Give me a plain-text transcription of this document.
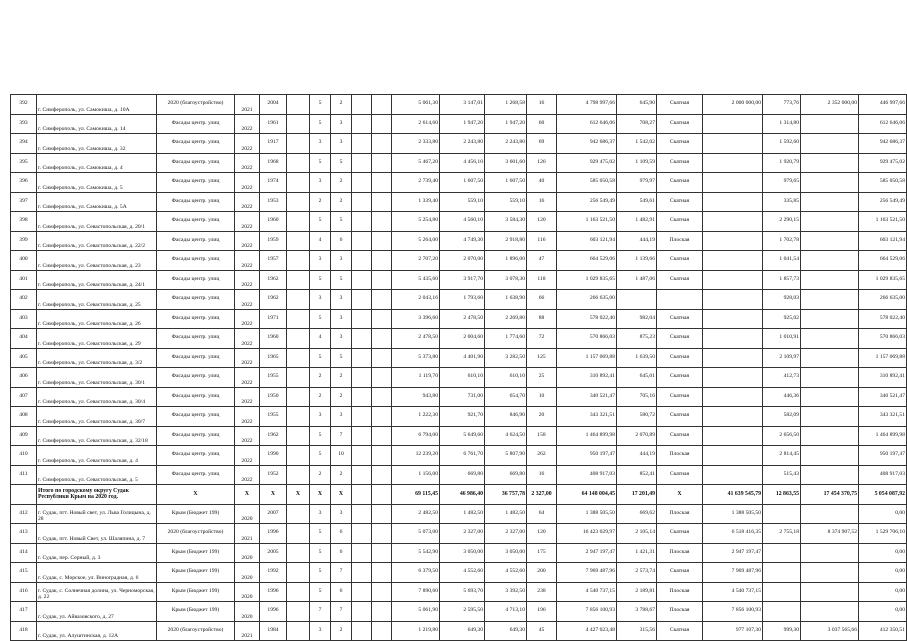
392	г. Симферополь, ул. Самокиша, д. 10А	2020 (благоустройство)	2021	2004		5	2			5 061,30	3 147,01	1 268,58	16	4 798 997,66	645,90	Скатная	2 000 000,00	773,76	2 352 000,00	446 997,66
393	г. Симферополь, ул. Самокиша, д. 14	Фасады центр. улиц	2022	1961		5	3			2 614,60	1 947,20	1 947,20	60	612 646,06	708,27	Скатная		1 314,80		612 646,06
394	г. Симферополь, ул. Самокиша, д. 32	Фасады центр. улиц	2022	1917		3	3			2 333,80	2 243,80	2 243,80	69	942 686,37	1 542,02	Скатная		1 592,60		942 686,37
395	г. Симферополь, ул. Самокиша, д. 4	Фасады центр. улиц	2022	1968		5	5			5 467,20	4 456,10	3 601,60	126	929 475,02	1 109,59	Скатная		1 920,79		929 475,02
396	г. Симферополь, ул. Самокиша, д. 5	Фасады центр. улиц	2022	1974		3	2			2 739,40	1 607,50	1 607,50	40	585 050,58	979,97	Скатная		979,65		585 050,58
397	г. Симферополь, ул. Самокиша, д. 5А	Фасады центр. улиц	2022	1953		2	2			1 339,40	559,10	559,10	16	256 549,49	549,61	Скатная		335,85		256 549,49
398	г. Симферополь, ул. Севастопольская, д. 20/1	Фасады центр. улиц	2022	1960		5	5			5 254,80	4 560,10	3 584,30	120	1 163 521,50	1 482,91	Скатная		2 290,15		1 163 521,50
399	г. Симферополь, ул. Севастопольская, д. 22/2	Фасады центр. улиц	2022	1959		4	6			5 264,00	4 749,30	2 918,80	116	603 121,94	444,19	Плоская		1 702,78		603 121,94
400	г. Симферополь, ул. Севастопольская, д. 23	Фасады центр. улиц	2022	1957		3	3			2 707,20	2 070,00	1 896,00	47	664 529,06	1 139,66	Скатная		1 041,54		664 529,06
401	г. Симферополь, ул. Севастопольская, д. 24/1	Фасады центр. улиц	2022	1962		5	5			5 435,60	3 917,70	3 078,30	118	1 029 835,65	1 487,06	Скатная		1 857,73		1 029 835,65
402	г. Симферополь, ул. Севастопольская, д. 25	Фасады центр. улиц	2022	1962		3	3			2 043,16	1 793,60	1 638,90	66	266 635,00				928,03		266 635,00
403	г. Симферополь, ул. Севастопольская, д. 26	Фасады центр. улиц	2022	1971		5	3			3 396,60	2 478,50	2 269,80	88	578 022,40	982,04	Скатная		925,02		578 022,40
404	г. Симферополь, ул. Севастопольская, д. 29	Фасады центр. улиц	2022	1960		4	3			2 478,50	2 004,60	1 774,60	72	570 866,03	875,23	Скатная		1 010,91		570 866,03
405	г. Симферополь, ул. Севастопольская, д. 3/2	Фасады центр. улиц	2022	1965		5	5			5 373,80	4 401,90	3 282,50	125	1 157 069,88	1 639,50	Скатная		2 109,97		1 157 069,88
406	г. Симферополь, ул. Севастопольская, д. 30/1	Фасады центр. улиц	2022	1955		2	2			1 119,70	610,10	610,10	25	310 892,41	645,01	Скатная		412,73		310 892,41
407	г. Симферополь, ул. Севастопольская, д. 30/4	Фасады центр. улиц	2022	1950		2	2			943,80	731,00	654,70	10	340 521,47	705,16	Скатная		446,36		340 521,47
408	г. Симферополь, ул. Севастопольская, д. 30/7	Фасады центр. улиц	2022	1955		3	3			1 222,30	921,70	846,90	20	343 321,51	580,72	Скатная		582,09		343 321,51
409	г. Симферополь, ул. Севастопольская, д. 32/18	Фасады центр. улиц	2022	1962		5	7			6 794,00	5 649,60	4 624,50	158	1 464 899,98	2 070,89	Скатная		2 656,50		1 464 899,98
410	г. Симферополь, ул. Севастопольская, д. 4	Фасады центр. улиц	2022	1990		5	10			12 239,20	6 761,70	5 807,90	262	950 197,47	444,19	Плоская		2 814,45		950 197,47
411	г. Симферополь, ул. Севастопольская, д. 5	Фасады центр. улиц	2022	1952		2	2			1 156,00	669,80	669,80	16	408 917,03	852,41	Скатная		515,43		408 917,03
	Итого по городскому округу Судак Республики Крым на 2020 год.	X	X	X	X	X	X			69 115,45	46 986,40	36 757,78	2 327,00	64 148 004,45	17 201,49	X	41 639 545,79	12 863,55	17 454 370,75	5 054 087,92
412	г. Судак, пгт. Новый свет, ул. Льва Голицына, д. 28	Крым (Бюджет 199)	2020	2007		3	3			2 482,50	1 482,50	1 482,50	64	1 388 505,50	669,62	Плоская	1 388 505,50			0,00
413	г. Судак, пгт. Новый Свет, ул. Шаляпина, д. 7	2020 (благоустройство)	2021	1996		5	6			5 073,00	2 327,00	2 327,00	120	16 423 029,97	2 105,14	Скатная	6 518 416,35	2 755,18	8 374 907,52	1 529 706,10
414	г. Судак, пер. Серный, д. 3	Крым (Бюджет 199)	2020	2005		5	6			5 542,90	3 050,00	3 050,00	175	2 947 197,47	1 421,31	Плоская	2 947 197,47			0,00
415	г. Судак, с. Морское, ул. Виноградная, д. 6	Крым (Бюджет 199)	2020	1992		5	7			6 379,50	4 552,60	4 552,60	200	7 969 487,96	2 573,74	Скатная	7 969 487,96			0,00
416	г. Судак, с. Солнечная долина, ул. Черноморская, д. 22	Крым (Бюджет 199)	2020	1996		5	6			7 890,60	5 693,70	3 392,50	238	4 540 737,15	2 189,81	Плоская	4 540 737,15			0,00
417	г. Судак, ул. Айвазовского, д. 27	Крым (Бюджет 199)	2020	1996		7	7			5 061,90	2 595,50	4 713,10	196	7 856 100,93	3 788,67	Плоская	7 856 100,93			0,00
418	г. Судак, ул. Алуштинская, д. 12А	2020 (благоустройство)	2021	1984		3	2			1 219,80	649,30	649,30	45	4 427 023,48	315,56	Скатная	977 107,30	999,30	3 037 565,66	412 350,51
